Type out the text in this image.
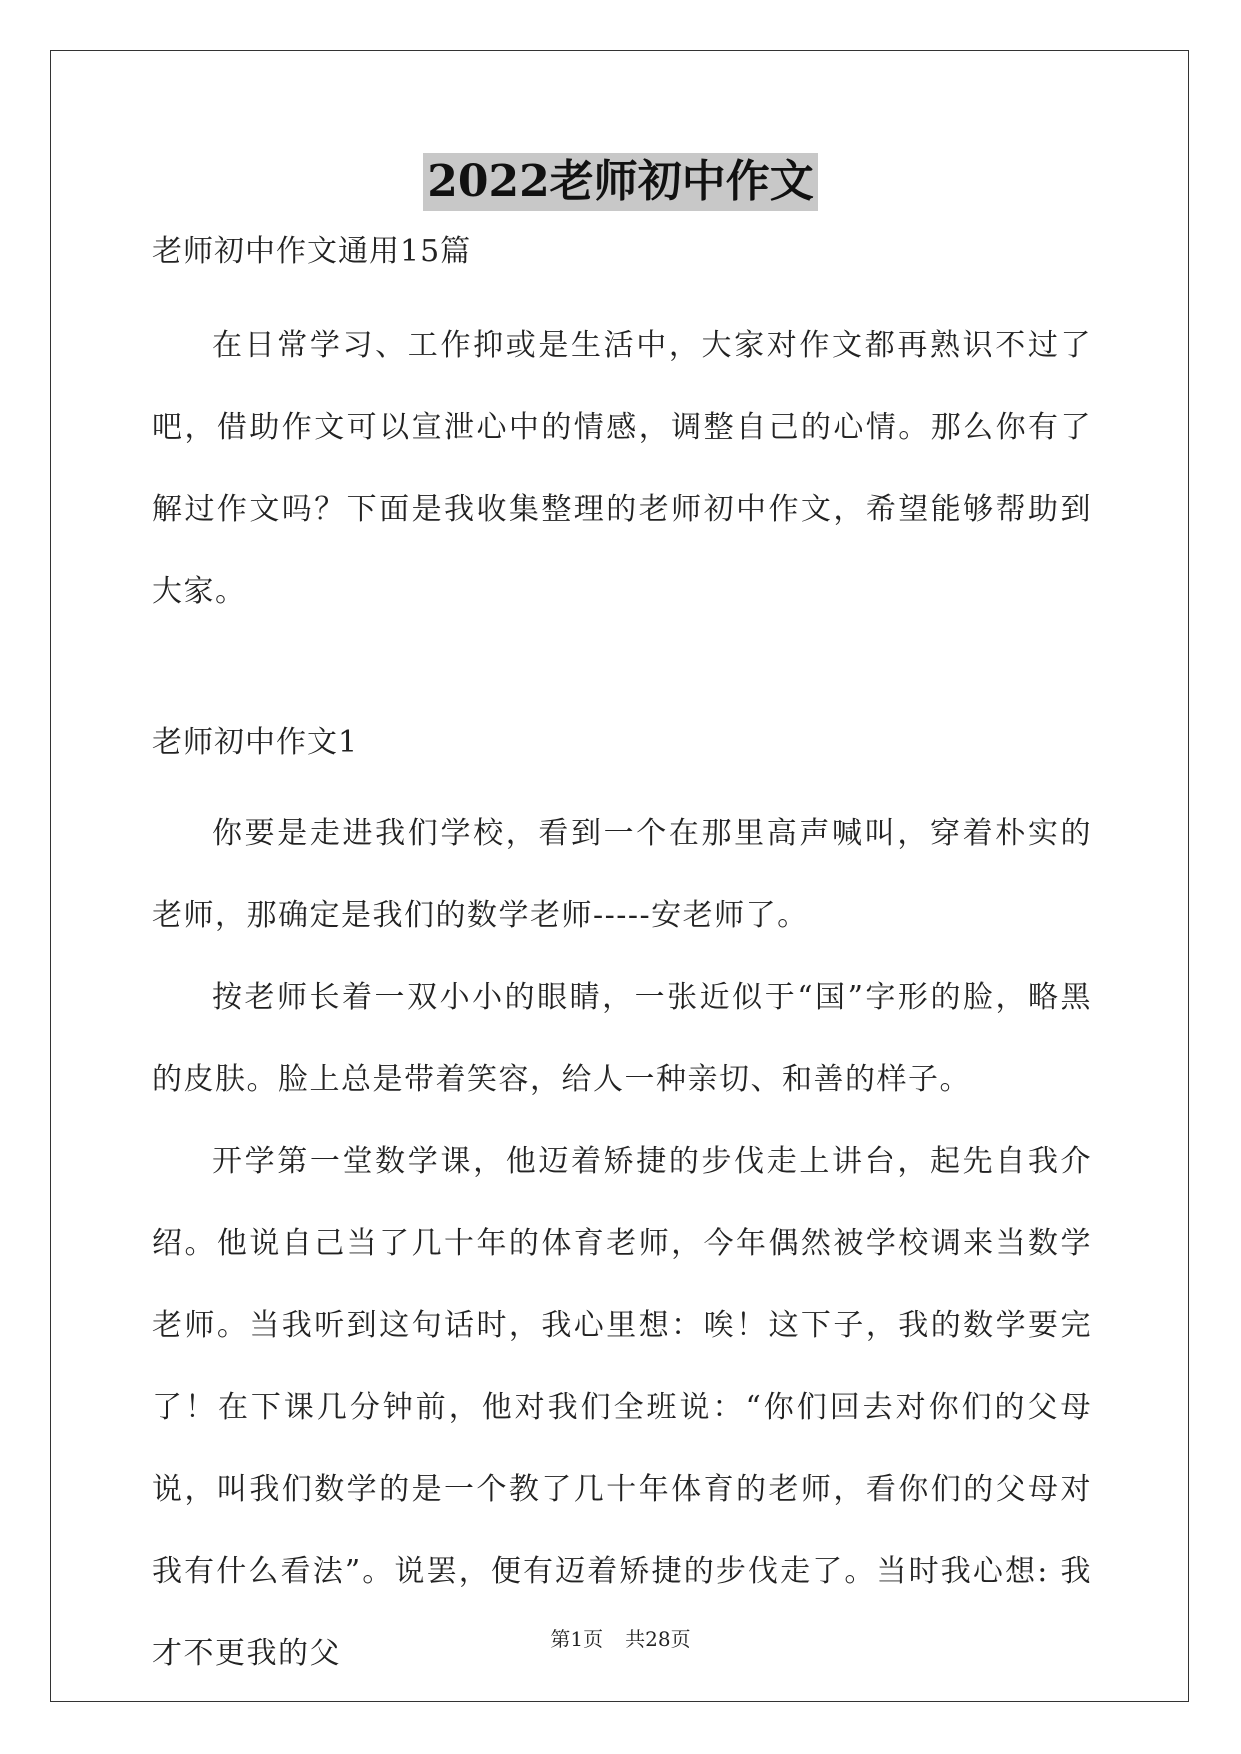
2022老师初中作文

老师初中作文通用15篇

在日常学习、工作抑或是生活中，大家对作文都再熟识不过了吧，借助作文可以宣泄心中的情感，调整自己的心情。那么你有了解过作文吗？下面是我收集整理的老师初中作文，希望能够帮助到大家。

老师初中作文1

你要是走进我们学校，看到一个在那里高声喊叫，穿着朴实的老师，那确定是我们的数学老师-----安老师了。

按老师长着一双小小的眼睛，一张近似于“国”字形的脸，略黑的皮肤。脸上总是带着笑容，给人一种亲切、和善的样子。

开学第一堂数学课，他迈着矫捷的步伐走上讲台，起先自我介绍。他说自己当了几十年的体育老师，今年偶然被学校调来当数学老师。当我听到这句话时，我心里想：唉！这下子，我的数学要完了！在下课几分钟前，他对我们全班说：“你们回去对你们的父母说，叫我们数学的是一个教了几十年体育的老师，看你们的父母对我有什么看法”。说罢，便有迈着矫捷的步伐走了。当时我心想: 我才不更我的父	第1页 共28页
